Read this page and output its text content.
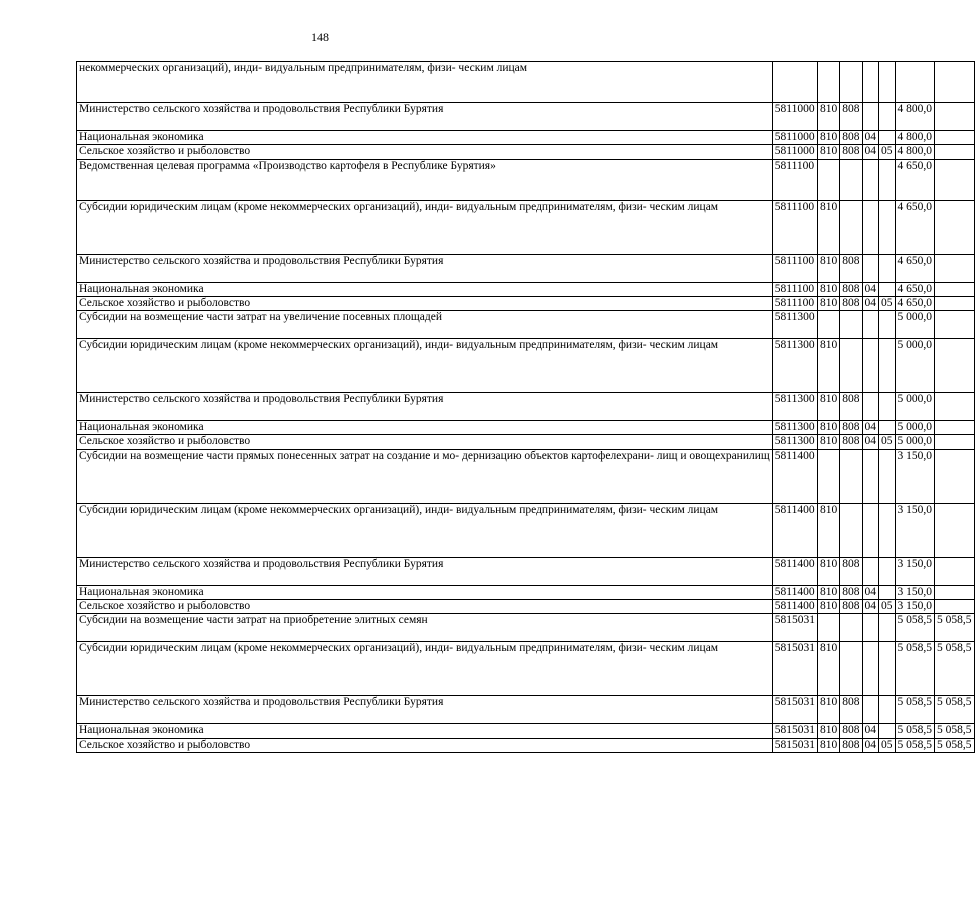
148
некоммерческих организаций), инди- видуальным предпринимателям, физи- ческим лицам							
Министерство сельского хозяйства и продовольствия Республики Бурятия	5811000	810	808			4 800,0	
Национальная экономика	5811000	810	808	04		4 800,0	
Сельское хозяйство и рыболовство	5811000	810	808	04	05	4 800,0	
Ведомственная целевая программа «Производство картофеля в Республике Бурятия»	5811100					4 650,0	
Субсидии юридическим лицам (кроме некоммерческих организаций), инди- видуальным предпринимателям, физи- ческим лицам	5811100	810				4 650,0	
Министерство сельского хозяйства и продовольствия Республики Бурятия	5811100	810	808			4 650,0	
Национальная экономика	5811100	810	808	04		4 650,0	
Сельское хозяйство и рыболовство	5811100	810	808	04	05	4 650,0	
Субсидии на возмещение части затрат на увеличение посевных площадей	5811300					5 000,0	
Субсидии юридическим лицам (кроме некоммерческих организаций), инди- видуальным предпринимателям, физи- ческим лицам	5811300	810				5 000,0	
Министерство сельского хозяйства и продовольствия Республики Бурятия	5811300	810	808			5 000,0	
Национальная экономика	5811300	810	808	04		5 000,0	
Сельское хозяйство и рыболовство	5811300	810	808	04	05	5 000,0	
Субсидии на возмещение части прямых понесенных затрат на создание и мо- дернизацию объектов картофелехрани- лищ и овощехранилищ	5811400					3 150,0	
Субсидии юридическим лицам (кроме некоммерческих организаций), инди- видуальным предпринимателям, физи- ческим лицам	5811400	810				3 150,0	
Министерство сельского хозяйства и продовольствия Республики Бурятия	5811400	810	808			3 150,0	
Национальная экономика	5811400	810	808	04		3 150,0	
Сельское хозяйство и рыболовство	5811400	810	808	04	05	3 150,0	
Субсидии на возмещение части затрат на приобретение элитных семян	5815031					5 058,5	5 058,5
Субсидии юридическим лицам (кроме некоммерческих организаций), инди- видуальным предпринимателям, физи- ческим лицам	5815031	810				5 058,5	5 058,5
Министерство сельского хозяйства и продовольствия Республики Бурятия	5815031	810	808			5 058,5	5 058,5
Национальная экономика	5815031	810	808	04		5 058,5	5 058,5
Сельское хозяйство и рыболовство	5815031	810	808	04	05	5 058,5	5 058,5
